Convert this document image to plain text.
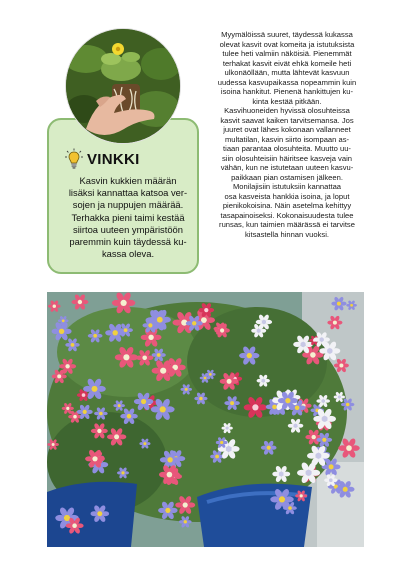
VINKKI

Kasvin kukkien määrän
lisäksi kannattaa katsoa ver-
sojen ja nuppujen määrää.
Terhakka pieni taimi kestää
siirtoa uuteen ympäristöön
paremmin kuin täydessä ku-
kassa oleva.

Myymälöissä suuret, täydessä kukassa
olevat kasvit ovat komeita ja istutuksista
tulee heti valmiin näköisiä. Pienemmät
terhakat kasvit eivät ehkä komeile heti
ulkonäöllään, mutta lähtevät kasvuun
uudessa kasvupaikassa nopeammin kuin
isoina hankitut. Pienenä hankittujen ku-
kinta kestää pitkään.
Kasvihuoneiden hyvissä olosuhteissa
kasvit saavat kaiken tarvitsemansa. Jos
juuret ovat lähes kokonaan vallanneet
multatilan, kasvin siirto isompaan as-
tiaan parantaa olosuhteita. Muutto uu-
siin olosuhteisiin häiritsee kasveja vain
vähän, kun ne istutetaan uuteen kasvu-
paikkaan pian ostamisen jälkeen.
Monilajisiin istutuksiin kannattaa
osa kasveista hankkia isoina, ja loput
pienikokoisina. Näin asetelma kehittyy
tasapainoiseksi. Kokonaisuudesta tulee
runsas, kun taimien määrässä ei tarvitse
kitsastella hinnan vuoksi.
